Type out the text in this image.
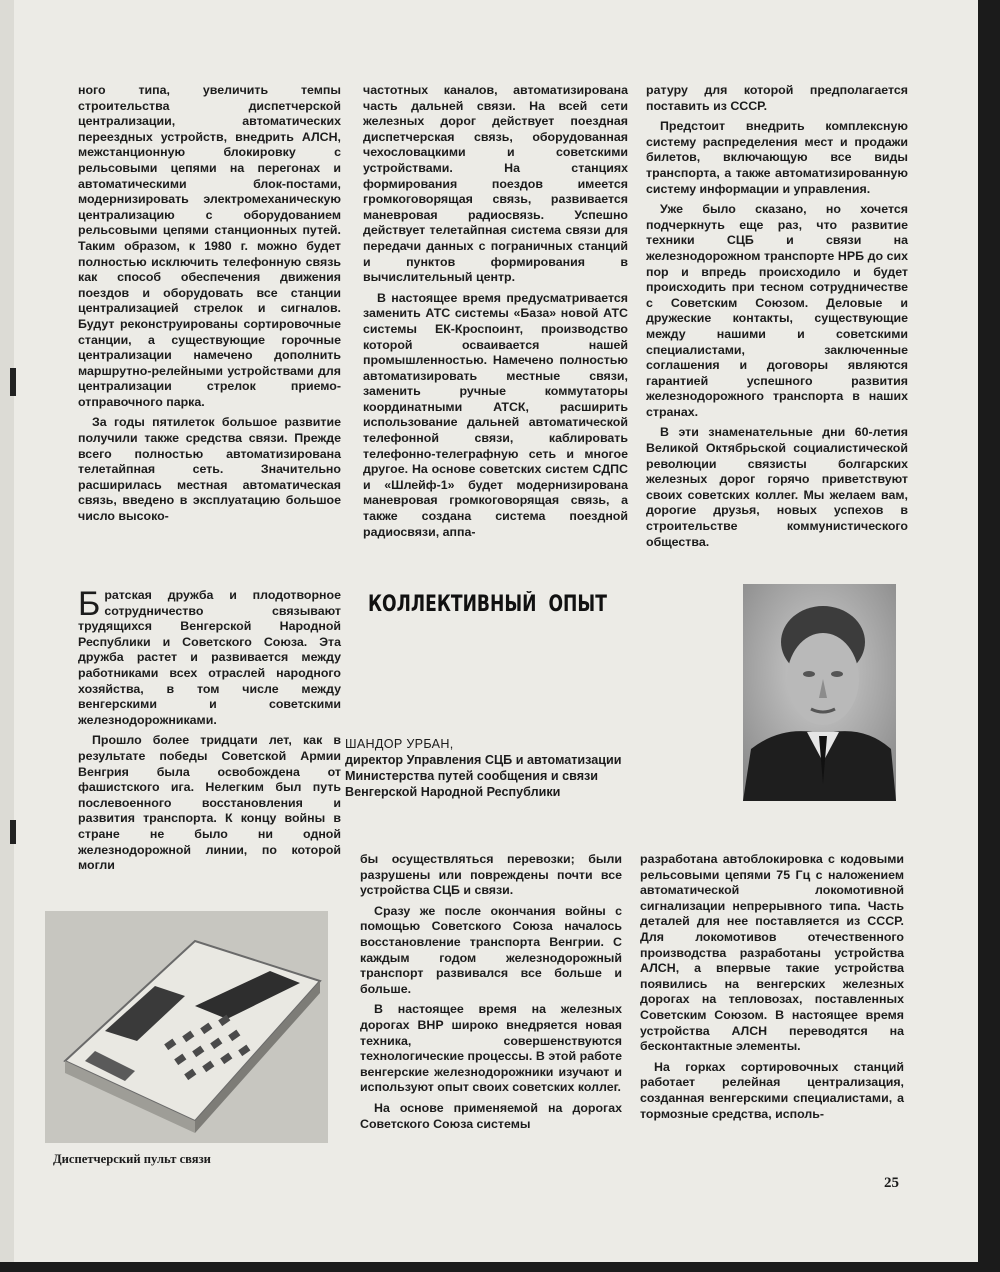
ного типа, увеличить темпы строительства диспетчерской централизации, автоматических переездных устройств, внедрить АЛСН, межстанционную блокировку с рельсовыми цепями на перегонах и автоматическими блок-постами, модернизировать электромеханическую централизацию с оборудованием рельсовыми цепями станционных путей. Таким образом, к 1980 г. можно будет полностью исключить телефонную связь как способ обеспечения движения поездов и оборудовать все станции централизацией стрелок и сигналов. Будут реконструированы сортировочные станции, а существующие горочные централизации намечено дополнить маршрутно-релейными устройствами для централизации стрелок приемо-отправочного парка.

За годы пятилеток большое развитие получили также средства связи. Прежде всего полностью автоматизирована телетайпная сеть. Значительно расширилась местная автоматическая связь, введено в эксплуатацию большое число высоко-

частотных каналов, автоматизирована часть дальней связи. На всей сети железных дорог действует поездная диспетчерская связь, оборудованная чехословацкими и советскими устройствами. На станциях формирования поездов имеется громкоговорящая связь, развивается маневровая радиосвязь. Успешно действует телетайпная система связи для передачи данных с пограничных станций и пунктов формирования в вычислительный центр.

В настоящее время предусматривается заменить АТС системы «База» новой АТС системы ЕК-Кроспоинт, производство которой осваивается нашей промышленностью. Намечено полностью автоматизировать местные связи, заменить ручные коммутаторы координатными АТСК, расширить использование дальней автоматической телефонной связи, каблировать телефонно-телеграфную сеть и многое другое. На основе советских систем СДПС и «Шлейф-1» будет модернизирована маневровая громкоговорящая связь, а также создана система поездной радиосвязи, аппа-

ратуру для которой предполагается поставить из СССР.

Предстоит внедрить комплексную систему распределения мест и продажи билетов, включающую все виды транспорта, а также автоматизированную систему информации и управления.

Уже было сказано, но хочется подчеркнуть еще раз, что развитие техники СЦБ и связи на железнодорожном транспорте НРБ до сих пор и впредь происходило и будет происходить при тесном сотрудничестве с Советским Союзом. Деловые и дружеские контакты, существующие между нашими и советскими специалистами, заключенные соглашения и договоры являются гарантией успешного развития железнодорожного транспорта в наших странах.

В эти знаменательные дни 60-летия Великой Октябрьской социалистической революции связисты болгарских железных дорог горячо приветствуют своих советских коллег. Мы желаем вам, дорогие друзья, новых успехов в строительстве коммунистического общества.

КОЛЛЕКТИВНЫЙ  ОПЫТ
ШАНДОР УРБАН,
директор Управления СЦБ и автоматизации
Министерства путей сообщения и связи
Венгерской Народной Республики

Братская дружба и плодотворное сотрудничество связывают трудящихся Венгерской Народной Республики и Советского Союза. Эта дружба растет и развивается между работниками всех отраслей народного хозяйства, в том числе между венгерскими и советскими железнодорожниками.

Прошло более тридцати лет, как в результате победы Советской Армии Венгрия была освобождена от фашистского ига. Нелегким был путь послевоенного восстановления и развития транспорта. К концу войны в стране не было ни одной железнодорожной линии, по которой могли

Диспетчерский пульт связи

бы осуществляться перевозки; были разрушены или повреждены почти все устройства СЦБ и связи.

Сразу же после окончания войны с помощью Советского Союза началось восстановление транспорта Венгрии. С каждым годом железнодорожный транспорт развивался все больше и больше.

В настоящее время на железных дорогах ВНР широко внедряется новая техника, совершенствуются технологические процессы. В этой работе венгерские железнодорожники изучают и используют опыт своих советских коллег.

На основе применяемой на дорогах Советского Союза системы

разработана автоблокировка с кодовыми рельсовыми цепями 75 Гц с наложением автоматической локомотивной сигнализации непрерывного типа. Часть деталей для нее поставляется из СССР. Для локомотивов отечественного производства разработаны устройства АЛСН, а впервые такие устройства появились на венгерских железных дорогах на тепловозах, поставленных Советским Союзом. В настоящее время устройства АЛСН переводятся на бесконтактные элементы.

На горках сортировочных станций работает релейная централизация, созданная венгерскими специалистами, а тормозные средства, исполь-

25
